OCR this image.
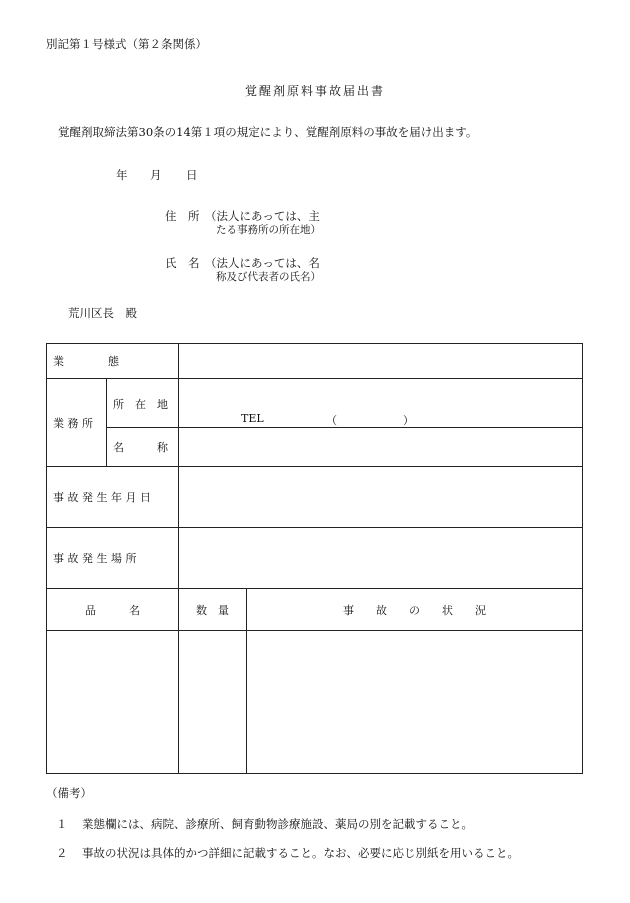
別記第１号様式（第２条関係）
覚醒剤原料事故届出書
覚醒剤取締法第30条の14第１項の規定により、覚醒剤原料の事故を届け出ます。
年 月 日
住　所 （法人にあっては、主
たる事務所の所在地）
氏　名 （法人にあっては、名
称及び代表者の氏名）
荒川区長　殿
業　　　　態			
業 務 所	所　在　地	TEL （　　　　　　）	

	名　　　称		
事 故 発 生 年 月 日			
事 故 発 生 場 所			
品　　　名		数　量	事　　故　　の　　状　　況

（備考）
１ 業態欄には、病院、診療所、飼育動物診療施設、薬局の別を記載すること。
２ 事故の状況は具体的かつ詳細に記載すること。なお、必要に応じ別紙を用いること。
